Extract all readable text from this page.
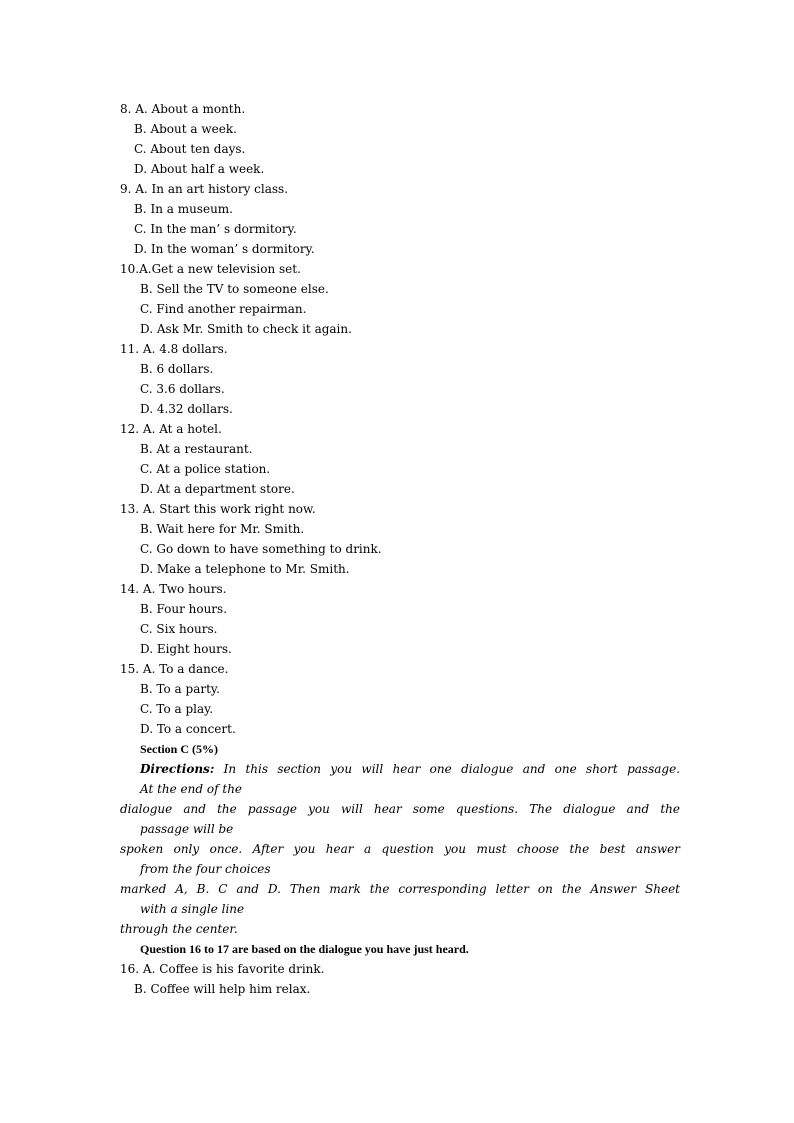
8. A. About a month.
B. About a week.
C. About ten days.
D. About half a week.
9. A. In an art history class.
B. In a museum.
C. In the man’ s dormitory.
D. In the woman’ s dormitory.
10.A.Get a new television set.
B. Sell the TV to someone else.
C. Find another repairman.
D. Ask Mr. Smith to check it again.
11. A. 4.8 dollars.
B. 6 dollars.
C. 3.6 dollars.
D. 4.32 dollars.
12. A. At a hotel.
B. At a restaurant.
C. At a police station.
D. At a department store.
13. A. Start this work right now.
B. Wait here for Mr. Smith.
C. Go down to have something to drink.
D. Make a telephone to Mr. Smith.
14. A. Two hours.
B. Four hours.
C. Six hours.
D. Eight hours.
15. A. To a dance.
B. To a party.
C. To a play.
D. To a concert.
Section C (5%)
Directions: In this section you will hear one dialogue and one short passage.
At the end of the
dialogue and the passage you will hear some questions. The dialogue and the
passage will be
spoken only once. After you hear a question you must choose the best answer
from the four choices
marked A, B. C and D. Then mark the corresponding letter on the Answer Sheet
with a single line
through the center.
Question 16 to 17 are based on the dialogue you have just heard.
16. A. Coffee is his favorite drink.
B. Coffee will help him relax.
